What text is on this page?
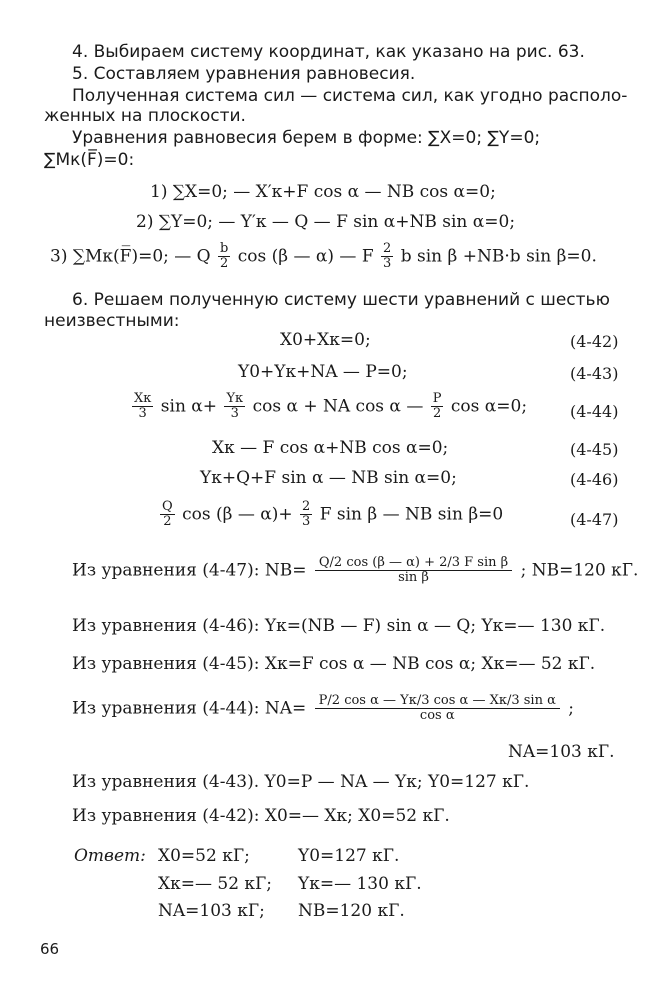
4. Выбираем систему координат, как указано на рис. 63.
5. Составляем уравнения равновесия.
Полученная система сил — система сил, как угодно располо-
женных на плоскости.
Уравнения равновесия берем в форме: ∑X=0; ∑Y=0;
∑Mк(F̅)=0:
1) ∑X=0; — X′к+F cos α — NB cos α=0;
2) ∑Y=0; — Y′к — Q — F sin α+NB sin α=0;
3) ∑Mк(F̅)=0; — Q $\frac{b}{2}$ cos (β — α) — F $\frac{2}{3}$ b sin β +NB·b sin β=0.
6. Решаем полученную систему шести уравнений с шестью
неизвестными:
X0+Xк=0;	(4-42)
Y0+Yк+NA — P=0;	(4-43)
$\frac{Xк}{3}$ $\sin \alpha+ \frac{Yк}{3}$ cos α + NA cos α — $\frac{P}{2}$ cos α=0;	(4-44)
Xк — F cos α+NB cos α=0;	(4-45)
Yк+Q+F sin α — NB sin α=0;	(4-46)
$\frac{Q}{2}$ cos (β — $\alpha)+ \frac{2}{3}$ F sin β — NB sin β=0	(4-47)
Из уравнения (4-47): $NB= \frac{\text{Q/2 cos (β — α) + 2/3 F sin β}}{\text{sin β}}$ ; NB=120 кГ.
Из уравнения (4-46): Yк=(NB — F) sin α — Q; Yк=— 130 кГ.
Из уравнения (4-45): Xк=F cos α — NB cos α; Xк=— 52 кГ.
Из уравнения (4-44): $NA= \frac{\text{P/2 cos α — Yк/3 cos α — Xк/3 sin α}}{\text{cos α}}$ ;
NA=103 кГ.
Из уравнения (4-43). Y0=P — NA — Yк; Y0=127 кГ.
Из уравнения (4-42): X0=— Xк; X0=52 кГ.
Ответ: X0=52 кГ;	Y0=127 кГ.
Xк=— 52 кГ; Yк=— 130 кГ.
NA=103 кГ; NB=120 кГ.
66
